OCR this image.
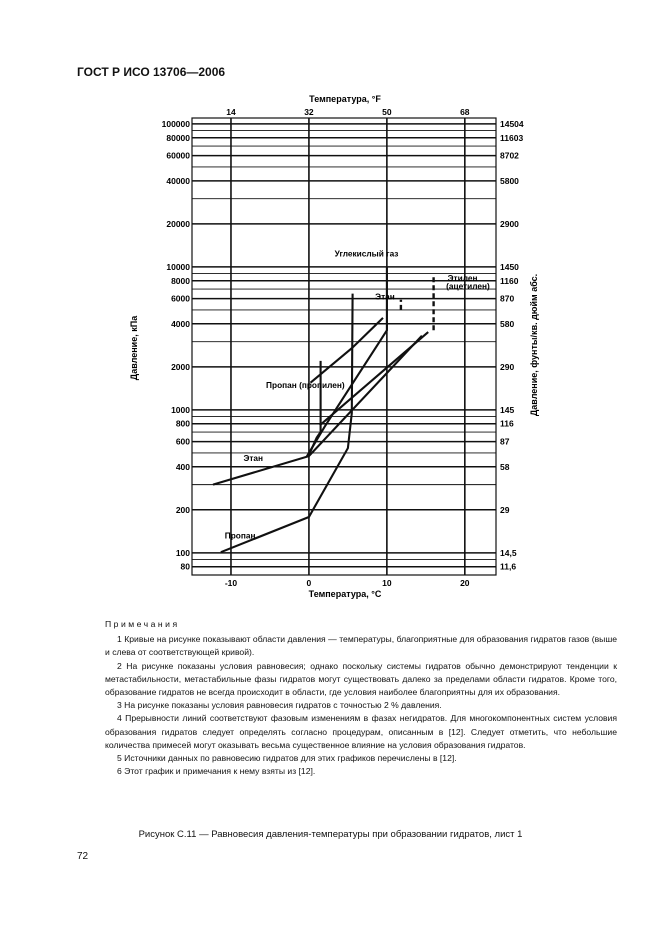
ГОСТ Р ИСО 13706—2006
100000
80000
60000
40000
20000
10000
8000
6000
4000
2000
1000
800
600
400
200
100
80
14504
11603
8702
5800
2900
1450
1160
870
580
290
145
116
87
58
29
14,5
11,6
-10	0	10	20
14	32	50	68
Углекислый газ
Этилен
(ацетилен)
Этан
Пропан (пропилен)
Этан
Пропан
Температура, °С
Температура, °F
Давление, кПа	Давление, фунты/кв. дюйм абс.
Примечания

1 Кривые на рисунке показывают области давления — температуры, благоприятные для образования гидратов газов (выше и слева от соответствующей кривой).

2 На рисунке показаны условия равновесия; однако поскольку системы гидратов обычно демонстрируют тенденции к метастабильности, метастабильные фазы гидратов могут существовать далеко за пределами области гидратов. Кроме того, образование гидратов не всегда происходит в области, где условия наиболее благоприятны для их образования.

3 На рисунке показаны условия равновесия гидратов с точностью 2 % давления.

4 Прерывности линий соответствуют фазовым изменениям в фазах негидратов. Для многокомпонентных систем условия образования гидратов следует определять согласно процедурам, описанным в [12]. Следует отметить, что небольшие количества примесей могут оказывать весьма существенное влияние на условия образования гидратов.

5 Источники данных по равновесию гидратов для этих графиков перечислены в [12].

6 Этот график и примечания к нему взяты из [12].

Рисунок С.11 — Равновесия давления-температуры при образовании гидратов, лист 1
72
